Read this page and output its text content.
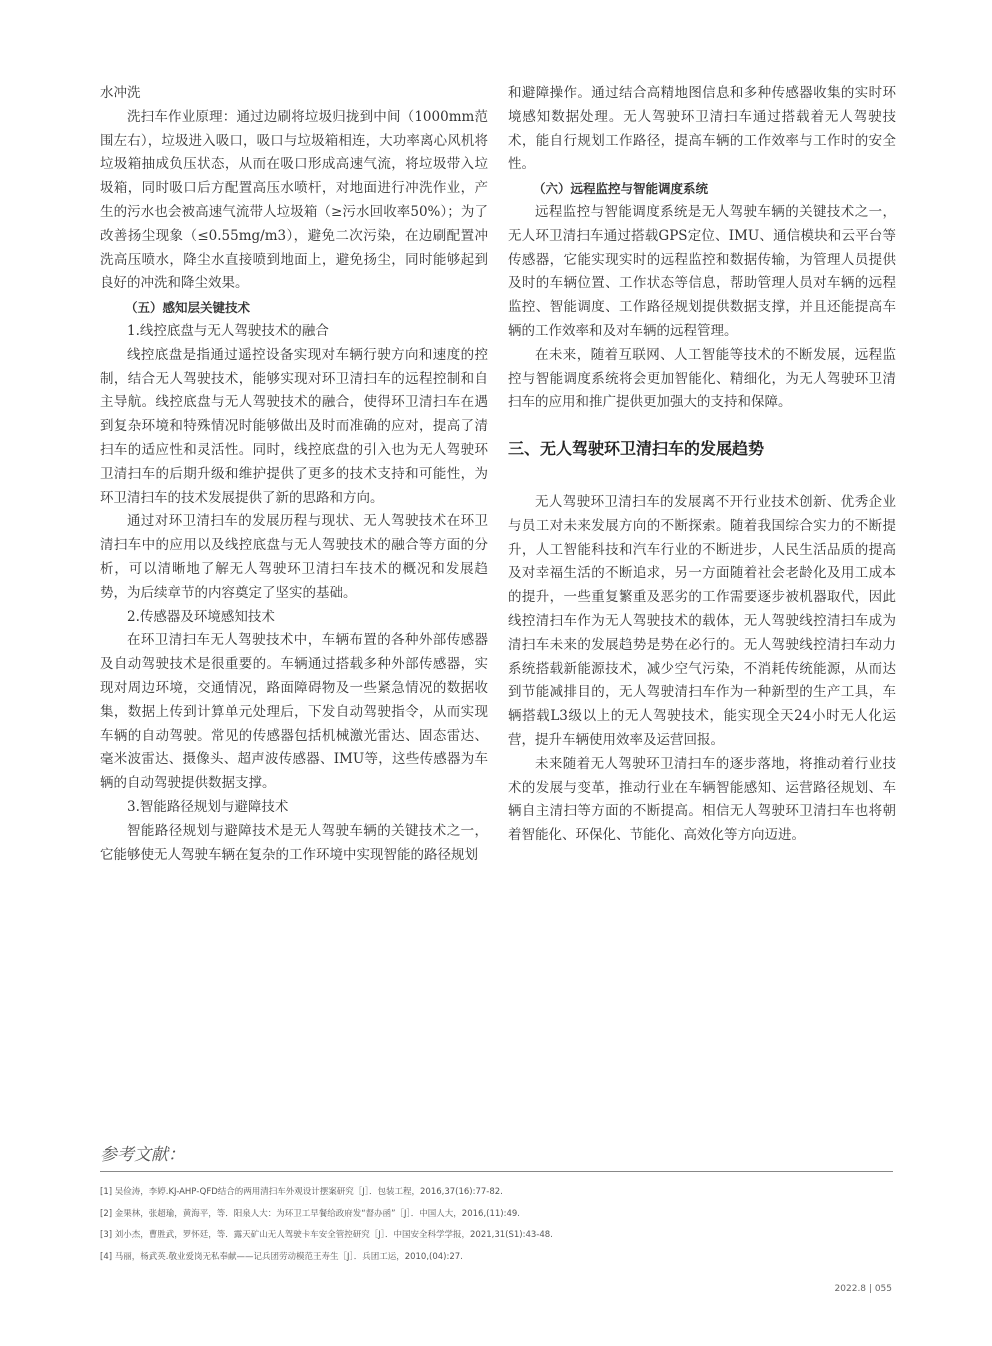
水冲洗

洗扫车作业原理：通过边刷将垃圾归拢到中间（1000mm范围左右），垃圾进入吸口，吸口与垃圾箱相连，大功率离心风机将垃圾箱抽成负压状态，从而在吸口形成高速气流，将垃圾带入垃圾箱，同时吸口后方配置高压水喷杆，对地面进行冲洗作业，产生的污水也会被高速气流带人垃圾箱（≥污水回收率50%）；为了改善扬尘现象（≤0.55mg/m3），避免二次污染，在边刷配置冲洗高压喷水，降尘水直接喷到地面上，避免扬尘，同时能够起到良好的冲洗和降尘效果。

（五）感知层关键技术

1.线控底盘与无人驾驶技术的融合

线控底盘是指通过遥控设备实现对车辆行驶方向和速度的控制，结合无人驾驶技术，能够实现对环卫清扫车的远程控制和自主导航。线控底盘与无人驾驶技术的融合，使得环卫清扫车在遇到复杂环境和特殊情况时能够做出及时而准确的应对，提高了清扫车的适应性和灵活性。同时，线控底盘的引入也为无人驾驶环卫清扫车的后期升级和维护提供了更多的技术支持和可能性，为环卫清扫车的技术发展提供了新的思路和方向。

通过对环卫清扫车的发展历程与现状、无人驾驶技术在环卫清扫车中的应用以及线控底盘与无人驾驶技术的融合等方面的分析，可以清晰地了解无人驾驶环卫清扫车技术的概况和发展趋势，为后续章节的内容奠定了坚实的基础。

2.传感器及环境感知技术

在环卫清扫车无人驾驶技术中，车辆布置的各种外部传感器及自动驾驶技术是很重要的。车辆通过搭载多种外部传感器，实现对周边环境，交通情况，路面障碍物及一些紧急情况的数据收集，数据上传到计算单元处理后，下发自动驾驶指令，从而实现车辆的自动驾驶。常见的传感器包括机械激光雷达、固态雷达、毫米波雷达、摄像头、超声波传感器、IMU等，这些传感器为车辆的自动驾驶提供数据支撑。

3.智能路径规划与避障技术

智能路径规划与避障技术是无人驾驶车辆的关键技术之一，它能够使无人驾驶车辆在复杂的工作环境中实现智能的路径规划

和避障操作。通过结合高精地图信息和多种传感器收集的实时环境感知数据处理。无人驾驶环卫清扫车通过搭载着无人驾驶技术，能自行规划工作路径，提高车辆的工作效率与工作时的安全性。

（六）远程监控与智能调度系统

远程监控与智能调度系统是无人驾驶车辆的关键技术之一，无人环卫清扫车通过搭载GPS定位、IMU、通信模块和云平台等传感器，它能实现实时的远程监控和数据传输，为管理人员提供及时的车辆位置、工作状态等信息，帮助管理人员对车辆的远程监控、智能调度、工作路径规划提供数据支撑，并且还能提高车辆的工作效率和及对车辆的远程管理。

在未来，随着互联网、人工智能等技术的不断发展，远程监控与智能调度系统将会更加智能化、精细化，为无人驾驶环卫清扫车的应用和推广提供更加强大的支持和保障。

三、无人驾驶环卫清扫车的发展趋势

无人驾驶环卫清扫车的发展离不开行业技术创新、优秀企业与员工对未来发展方向的不断探索。随着我国综合实力的不断提升，人工智能科技和汽车行业的不断进步，人民生活品质的提高及对幸福生活的不断追求，另一方面随着社会老龄化及用工成本的提升，一些重复繁重及恶劣的工作需要逐步被机器取代，因此线控清扫车作为无人驾驶技术的载体，无人驾驶线控清扫车成为清扫车未来的发展趋势是势在必行的。无人驾驶线控清扫车动力系统搭载新能源技术，减少空气污染，不消耗传统能源，从而达到节能减排目的，无人驾驶清扫车作为一种新型的生产工具，车辆搭载L3级以上的无人驾驶技术，能实现全天24小时无人化运营，提升车辆使用效率及运营回报。

未来随着无人驾驶环卫清扫车的逐步落地，将推动着行业技术的发展与变革，推动行业在车辆智能感知、运营路径规划、车辆自主清扫等方面的不断提高。相信无人驾驶环卫清扫车也将朝着智能化、环保化、节能化、高效化等方向迈进。

参考文献：
[1] 吴俭涛，李婷.KJ-AHP-QFD结合的两用清扫车外观设计摆案研究［J］．包装工程，2016,37(16):77-82.
[2] 金果林，张超瑜，黄海平，等．阳泉人大：为环卫工早餐给政府发“督办函”［J］．中国人大，2016,(11):49.
[3] 刘小杰，曹胜武，罗怀廷，等．露天矿山无人驾驶卡车安全管控研究［J］．中国安全科学学报，2021,31(S1):43-48.
[4] 马丽，杨武英.敬业爱岗无私奉献——记兵团劳动模范王寿生［J］．兵团工运，2010,(04):27.
2022.8 | 055
